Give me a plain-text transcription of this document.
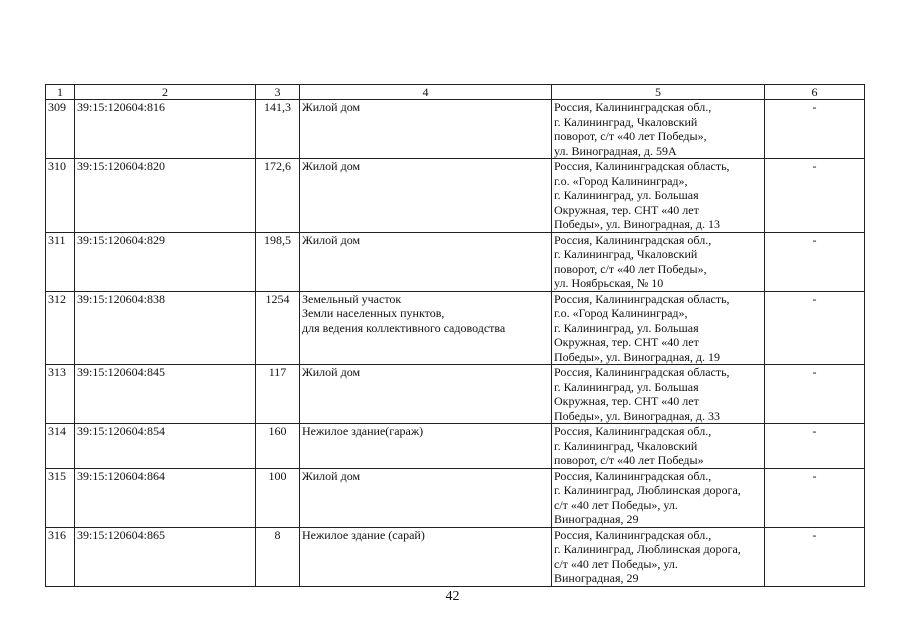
1	2	3	4	5	6
309	39:15:120604:816	141,3	Жилой дом	Россия, Калининградская обл.,
г. Калининград, Чкаловский
поворот, с/т «40 лет Победы»,
ул. Виноградная, д. 59А	-
310	39:15:120604:820	172,6	Жилой дом	Россия, Калининградская область,
г.о. «Город Калининград»,
г. Калининград, ул. Большая
Окружная, тер. СНТ «40 лет
Победы», ул. Виноградная, д. 13	-
311	39:15:120604:829	198,5	Жилой дом	Россия, Калининградская обл.,
г. Калининград, Чкаловский
поворот, с/т «40 лет Победы»,
ул. Ноябрьская, № 10	-
312	39:15:120604:838	1254	Земельный участок
Земли населенных пунктов,
для ведения коллективного садоводства	Россия, Калининградская область,
г.о. «Город Калининград»,
г. Калининград, ул. Большая
Окружная, тер. СНТ «40 лет
Победы», ул. Виноградная, д. 19	-
313	39:15:120604:845	117	Жилой дом	Россия, Калининградская область,
г. Калининград, ул. Большая
Окружная, тер. СНТ «40 лет
Победы», ул. Виноградная, д. 33	-
314	39:15:120604:854	160	Нежилое здание(гараж)	Россия, Калининградская обл.,
г. Калининград, Чкаловский
поворот, с/т «40 лет Победы»	-
315	39:15:120604:864	100	Жилой дом	Россия, Калининградская обл.,
г. Калининград, Люблинская дорога,
с/т «40 лет Победы», ул.
Виноградная, 29	-
316	39:15:120604:865	8	Нежилое здание (сарай)	Россия, Калининградская обл.,
г. Калининград, Люблинская дорога,
с/т «40 лет Победы», ул.
Виноградная, 29	-
42
